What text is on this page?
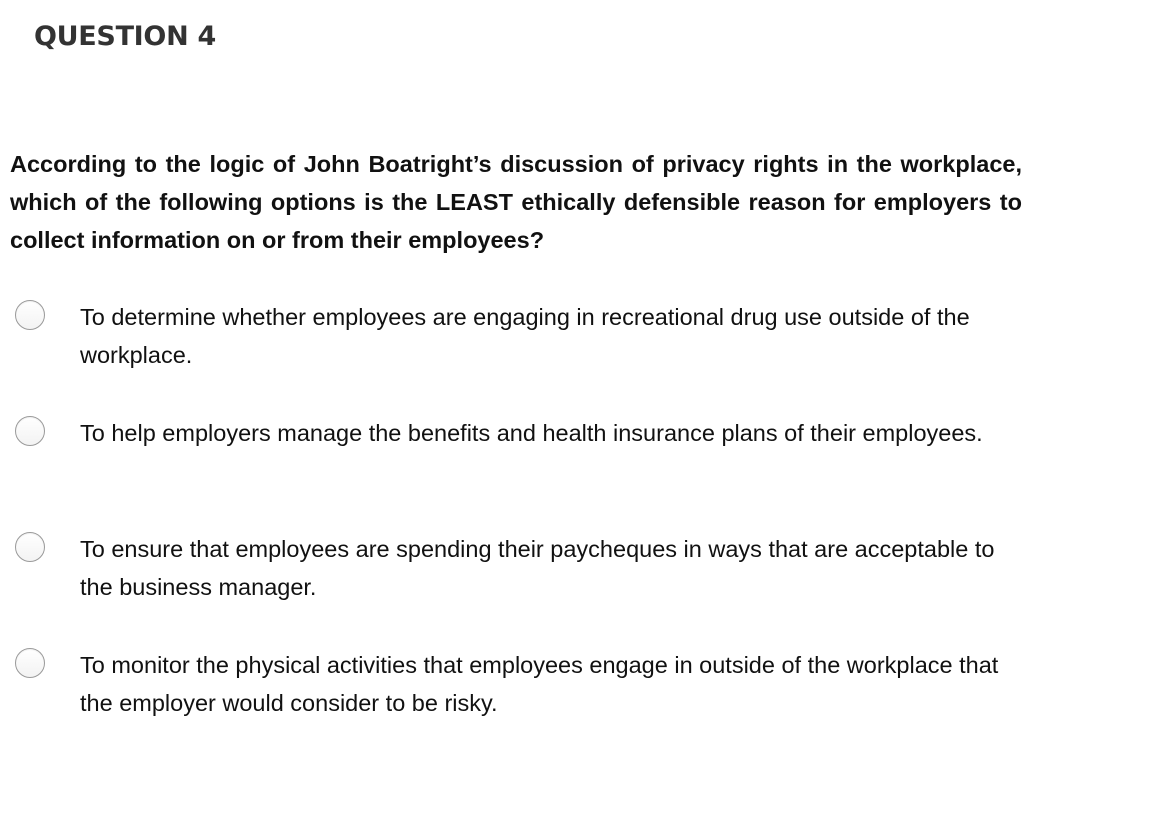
QUESTION 4

According to the logic of John Boatright’s discussion of privacy rights in the workplace, which of the following options is the LEAST ethically defensible reason for employers to collect information on or from their employees?

To determine whether employees are engaging in recreational drug use outside of the workplace.
To help employers manage the benefits and health insurance plans of their employees.
To ensure that employees are spending their paycheques in ways that are acceptable to the business manager.
To monitor the physical activities that employees engage in outside of the workplace that the employer would consider to be risky.
